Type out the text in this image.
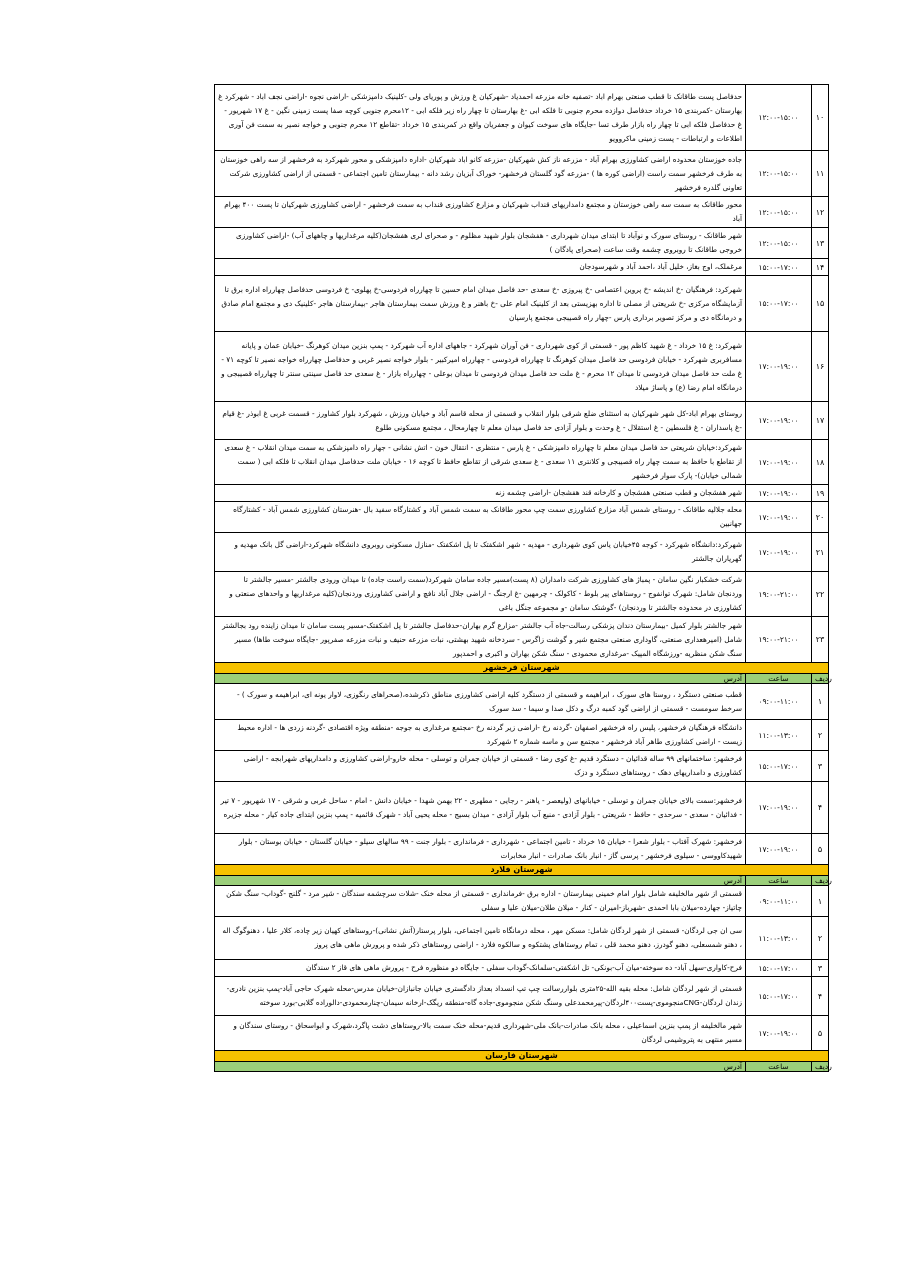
حدفاصل پست طاقانک تا قطب صنعتی بهرام اباد -تصفیه خانه مزرعه احمدیاد -شهرکیان غ ورزش و پوریای ولی -کلینیک دامپزشکی -اراضی نجوه -اراضی نجف اباد - شهرکرد غ بهارستان -کمربندی ۱۵ خرداد حدفاصل دوازده محرم جنوبی تا فلکه ابی -غ بهارستان تا چهار راه زیر فلکه ابی - ۱۲محرم جنوبی کوچه صفا پست زمینی نگین - غ ۱۷ شهریور - غ حدفاصل فلکه ابی تا چهار راه بازار طرف تسا -جایگاه های سوخت کیوان و جعفریان واقع در کمربندی ۱۵ خرداد -تقاطع ۱۲ محرم جنوبی و خواجه نصیر به سمت فن آوری اطلاعات و ارتباطات - پست زمینی ماکروویو	۱۲:۰۰-۱۵:۰۰	۱۰
جاده خوزستان محدوده اراضی کشاورزی بهرام آباد - مزرعه ناز کش شهرکیان -مزرعه کانو اباد شهرکیان -اداره دامپزشکی و محور شهرکرد به فرخشهر از سه راهی خوزستان به طرف فرخشهر سمت راست (اراضی کوره ها ) -مزرعه گود گلستان فرخشهر- خوراک آبزیان رشد دانه - بیمارستان تامین اجتماعی - قسمتی از اراضی کشاورزی شرکت تعاونی گلدره فرخشهر	۱۲:۰۰-۱۵:۰۰	۱۱
محور طاقانک به سمت سه راهی خوزستان و مجتمع دامداریهای قنداب شهرکیان و مزارع کشاورزی قنداب به سمت فرخشهر - اراضی کشاورزی شهرکیان تا پست ۴۰۰ بهرام آباد	۱۲:۰۰-۱۵:۰۰	۱۲
شهر طاقانک - روستای سورک و نوآباد تا ابتدای میدان شهرداری - هفشجان بلوار شهید مظلوم - و صحرای لری هفشجان(کلیه مرغداریها و چاههای آب) -اراضی کشاورزی خروجی طاقانک تا روبروی چشمه وقت ساعت (صحرای پادگان )	۱۲:۰۰-۱۵:۰۰	۱۳
مرغملک، اوج بغاز، خلیل آباد ،احمد آباد و شهرسودجان	۱۵:۰۰-۱۷:۰۰	۱۴
شهرکرد: فرهنگیان -خ اندیشه -خ پروین اعتصامی -خ پیروزی -خ سعدی -حد فاصل میدان امام حسین تا چهارراه فردوسی-خ پهلوی- خ فردوسی حدفاصل چهارراه اداره برق تا آزمایشگاه مرکزی -خ شریعتی از مصلی تا اداره بهزیستی بعد از کلینیک امام علی -خ باهنر و غ ورزش سمت بیمارستان هاجر -بیمارستان هاجر -کلینیک دی و مجتمع امام صادق و درمانگاه دی و مرکز تصویر برداری پارس -چهار راه قصیبجی مجتمع پارسیان	۱۵:۰۰-۱۷:۰۰	۱۵
شهرکرد: غ ۱۵ خرداد - غ شهید کاظم پور - قسمتی از کوی شهرداری - فن آوران شهرکرد - جاههای اداره آب شهرکرد - پمپ بنزین میدان کوهرنگ -خیابان عمان و پایانه مسافربری شهرکرد - خیابان فردوسی حد فاصل میدان کوهرنگ تا چهارراه فردوسی - چهارراه امیرکبیر - بلوار خواجه نصیر غربی و حدفاصل چهارراه خواجه نصیر تا کوچه ۷۱ - غ ملت حد فاصل میدان فردوسی تا میدان ۱۲ محرم - غ ملت حد فاصل میدان فردوسی تا میدان بوعلی - چهارراه بازار - غ سعدی حد فاصل سینتی سنتر تا چهارراه قصیبجی و درمانگاه امام رضا (ع) و پاساژ میلاد	۱۷:۰۰-۱۹:۰۰	۱۶
روستای بهرام اباد-کل شهر شهرکیان به استثنای ضلع شرقی بلوار انقلاب و قسمتی از محله قاسم آباد و خیابان ورزش ، شهرکرد بلوار کشاورز - قسمت غربی غ ابوذر -غ قیام -غ پاسداران - غ فلسطین - غ استقلال - غ وحدت و بلوار آزادی حد فاصل میدان معلم تا چهارمحال ، مجتمع مسکونی طلوع	۱۷:۰۰-۱۹:۰۰	۱۷
شهرکرد:خیابان شریعتی حد فاصل میدان معلم تا چهارراه دامپزشکی - غ پارس - منتظری - انتقال خون - اتش نشانی - جهار راه دامپزشکی به سمت میدان انقلاب - غ سعدی از تقاطع با حافظ به سمت چهار راه قصیبجی و کلانتری ۱۱ سعدی - غ سعدی شرقی از تقاطع حافظ تا کوچه ۱۶ - خیابان ملت حدفاصل میدان انقلاب تا فلکه ابی ( سمت شمالی خیابان)- پارک سوار فرخشهر	۱۷:۰۰-۱۹:۰۰	۱۸
شهر هفشجان و قطب صنعتی هفشجان و کارخانه قند هفشجان -اراضی چشمه زنه	۱۷:۰۰-۱۹:۰۰	۱۹
محله جلالیه طاقانک - روستای شمس آباد مزارع کشاورزی سمت چپ محور طاقانک به سمت شمس آباد و کشتارگاه سفید بال -هنرستان کشاورزی شمس آباد - کشتارگاه جهانبین	۱۷:۰۰-۱۹:۰۰	۲۰
شهرکرد:دانشگاه شهرکرد - کوجه ۴۵خیابان یاس کوی شهرداری - مهدیه - شهر اشکفتک تا پل اشکفتک -منازل مسکونی روبروی دانشگاه شهرکرد-اراضی گل بانک مهدیه و گهریاران جالشتر	۱۷:۰۰-۱۹:۰۰	۲۱
شرکت خشکبار نگین سامان - پمباژ های کشاورزی شرکت دامداران (۸ پست)مسیر جاده سامان شهرکرد(سمت راست جاده) تا میدان ورودی جالشتر -مسیر جالشتر تا وردنجان شامل: شهرک توانفوج - روستاهای پیر بلوط - کاکولک - چرمهین -غ ارجنگ - اراضی جلال آباد نافچ و اراضی کشاورزی وردنجان(کلیه مرغداریها و واحدهای صنعتی و کشاورزی در محدوده جالشتر تا وردنجان) -گوشتک سامان -و مجموعه جنگل باغی	۱۹:۰۰-۲۱:۰۰	۲۲
شهر جالشتر بلوار کمیل -بیمارستان دندان پزشکی رسالت-جاه آب جالشتر -مزارع گرم بهاران-حدفاصل جالشتر تا پل اشکفتک-مسیر پست سامان تا میدان زاینده رود بجالشتر شامل (امیرهعداری صنعتی، گاوداری صنعتی مجتمع شیر و گوشت زاگرس - سردخانه شهید بهشتی، نبات مزرعه حنیف و نبات مزرعه صفرپور -جایگاه سوخت طاها) مسیر سنگ شکن منظریه -ورزشگاه المپیک -مرغداری محمودی - سنگ شکن بهاران و اکبری و احمدپور	۱۹:۰۰-۲۱:۰۰	۲۳
شهرستان فرخشهر		
آدرس	ساعت	ردیف
قطب صنعتی دستگرد ، روستا های سورک ، ابراهیمه و قسمتی از دستگرد کلیه اراضی کشاورزی مناطق ذکرشده،(صحراهای رنگوزی، لاوار یونه ای، ابراهیمه و سورک ) - سرخط سومست - قسمتی از اراضی گود کمبه درگ و دکل صدا و سیما - سد سورک	۰۹:۰۰-۱۱:۰۰	۱
دانشگاه فرهنگیان فرخشهر، پلیس راه فرخشهر اصفهان -گردنه رخ -اراضی زیر گردنه رخ -مجتمع مرغداری به جوجه -منطقه ویژه اقتصادی -گردنه زردی ها - اداره محیط زیست - اراضی کشاورزی طاهر آباد فرخشهر - مجتمع سن و ماسه شماره ۲ شهرکرد	۱۱:۰۰-۱۳:۰۰	۲
فرخشهر: ساختمانهای ۹۹ ساله قدائیان - دستگرد قدیم -غ کوی رضا - قسمتی از خیابان جمران و توسلی - محله خارو-اراضی کشاورزی و دامداریهای شهرابجه - اراضی کشاورزی و دامداریهای دهک - روستاهای دستگرد و دزک	۱۵:۰۰-۱۷:۰۰	۳
فرخشهر:سمت بالای خیابان جمران و توسلی - خیابانهای (ولیعصر - یاهنر - رجایی - مطهری - ۲۲ بهمن شهدا - خیابان دانش - امام - ساحل غربی و شرقی - ۱۷ شهریور - ۷ تیر - فدائیان - سعدی - سرحدی - حافظ - شریعتی - بلوار آزادی - منبع آب بلوار آزادی - میدان بسیج - محله یحیی آباد - شهرک قائمیه - پمپ بنزین ابتدای جاده کیار - محله جزیره	۱۷:۰۰-۱۹:۰۰	۴
فرخشهر: شهرک آفتاب - بلوار شعرا - خیابان ۱۵ خرداد - تامین اجتماعی - شهرداری - فرمانداری - بلوار جنت - ۹۹ سالهای سیلو - خیابان گلستان - خیابان بوستان - بلوار شهیدکاووسی - سیلوی فرخشهر - پرسی گاز - انبار بانک صادرات - انبار مخابرات	۱۷:۰۰-۱۹:۰۰	۵
شهرستان فلارد		
آدرس	ساعت	ردیف
قسمتی از شهر مالخلیفه شامل بلوار امام خمینی بیمارستان - اداره برق -فرمانداری - قسمتی از محله خنک -شلات سرچشمه سندگان - شیر مرد - گلنج -گوداب- سنگ شکن چاتیاز- جهارده-میلان بابا احمدی -شهرباز-امیران - کنار - میلان طلان-میلان علیا و سفلی	۰۹:۰۰-۱۱:۰۰	۱
سی ان جی لردگان- قسمتی از شهر لردگان شامل: مسکن مهر ، محله درمانگاه تامین اجتماعی، بلوار پرستار(آتش نشانی)-روستاهای کهیان زیر چاده، کلار علیا ، دهنوگوگ اله ، دهنو شمسعلی، دهنو گودرز، دهنو محمد قلی ، تمام روستاهای پشتکوه و سالکوه فلارد - اراضی روستاهای ذکر شده و پرورش ماهی های پروز	۱۱:۰۰-۱۳:۰۰	۲
فرح-کاواری-سهل آباد- ده سوخته-میان آب-بونکی- تل اشکفتی-سلمانک-گوداب سفلی - جایگاه دو منظوره فرح - پرورش ماهی های قاز ۲ سندگان	۱۵:۰۰-۱۷:۰۰	۳
قسمتی از شهر لردگان شامل: محله بقیه الله-۲۵متری بلواررسالت چپ تپ انسداد بعداز دادگستری خیابان جانبازان-خیابان مدرس-محله شهرک حاجی آباد-پمپ بنزین نادری-زندان لردگان-CNGمنجوموی-پست۴۰۰لردگان-پیرمحمدعلی وسنگ شکن منجوموی-جاده گاه-منطقه ریگک-ارخانه سیمان-چنارمحمودی-دالوراده گلابی-بورد سوخته	۱۵:۰۰-۱۷:۰۰	۴
شهر مالخلیفه از پمپ بنزین اسماعیلی ، محله بانک صادرات-بانک ملی-شهرداری قدیم-محله خنک سمت بالا-روستاهای دشت پاگرد،شهرک و ابواسحاق - روستای سندگان و مسیر منتهی به پتروشیمی لردگان	۱۷:۰۰-۱۹:۰۰	۵
شهرستان فارسان		
آدرس	ساعت	ردیف
